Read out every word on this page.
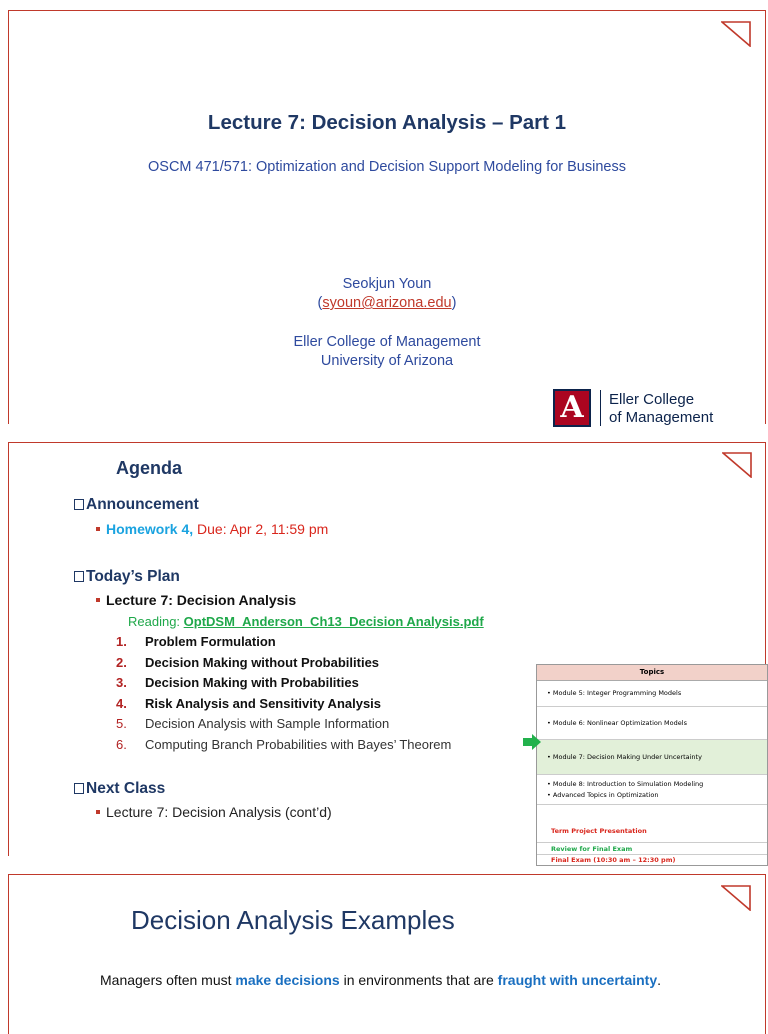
Lecture 7: Decision Analysis – Part 1
OSCM 471/571: Optimization and Decision Support Modeling for Business
Seokjun Youn
(syoun@arizona.edu)
Eller College of Management
University of Arizona
A	Eller College
of Management
Agenda
Announcement
Homework 4, Due: Apr 2, 11:59 pm
Today’s Plan
Lecture 7: Decision Analysis
Reading: OptDSM_Anderson_Ch13_Decision Analysis.pdf
1. Problem Formulation
2. Decision Making without Probabilities
3. Decision Making with Probabilities
4. Risk Analysis and Sensitivity Analysis
5. Decision Analysis with Sample Information
6. Computing Branch Probabilities with Bayes’ Theorem
Next Class
Lecture 7: Decision Analysis (cont’d)
Topics
• Module 5: Integer Programming Models
• Module 6: Nonlinear Optimization Models
• Module 7: Decision Making Under Uncertainty
• Module 8: Introduction to Simulation Modeling
• Advanced Topics in Optimization
Term Project Presentation
Review for Final Exam
Final Exam (10:30 am – 12:30 pm)
Decision Analysis Examples
Managers often must make decisions in environments that are fraught with uncertainty.
